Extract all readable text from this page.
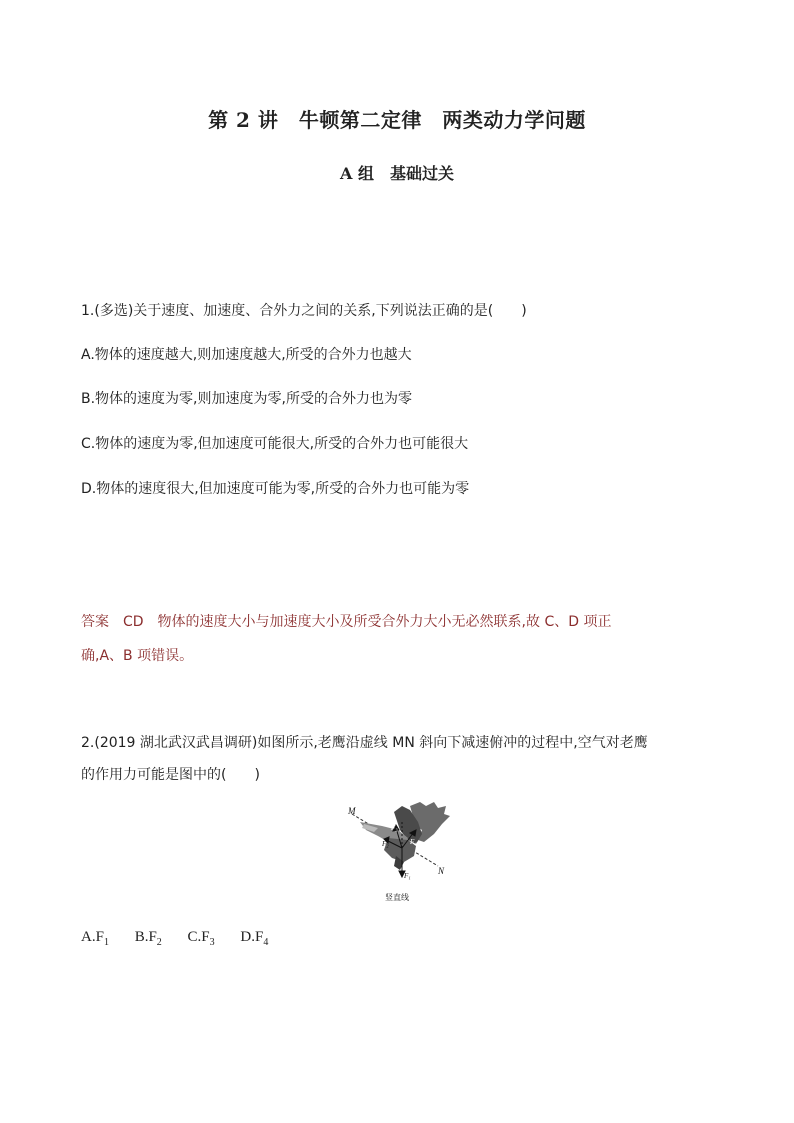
第 2 讲　牛顿第二定律　两类动力学问题
A 组　基础过关
1.(多选)关于速度、加速度、合外力之间的关系,下列说法正确的是(　　)
A.物体的速度越大,则加速度越大,所受的合外力也越大
B.物体的速度为零,则加速度为零,所受的合外力也为零
C.物体的速度为零,但加速度可能很大,所受的合外力也可能很大
D.物体的速度很大,但加速度可能为零,所受的合外力也可能为零
答案　CD　物体的速度大小与加速度大小及所受合外力大小无必然联系,故 C、D 项正
确,A、B 项错误。
2.(2019 湖北武汉武昌调研)如图所示,老鹰沿虚线 MN 斜向下减速俯冲的过程中,空气对老鹰
的作用力可能是图中的(　　)
M
N
F₁
F₂
F₃
F₄
竖直线
$A.F_1$ $B.F_2$ $C.F_3$ $D.F_4$
